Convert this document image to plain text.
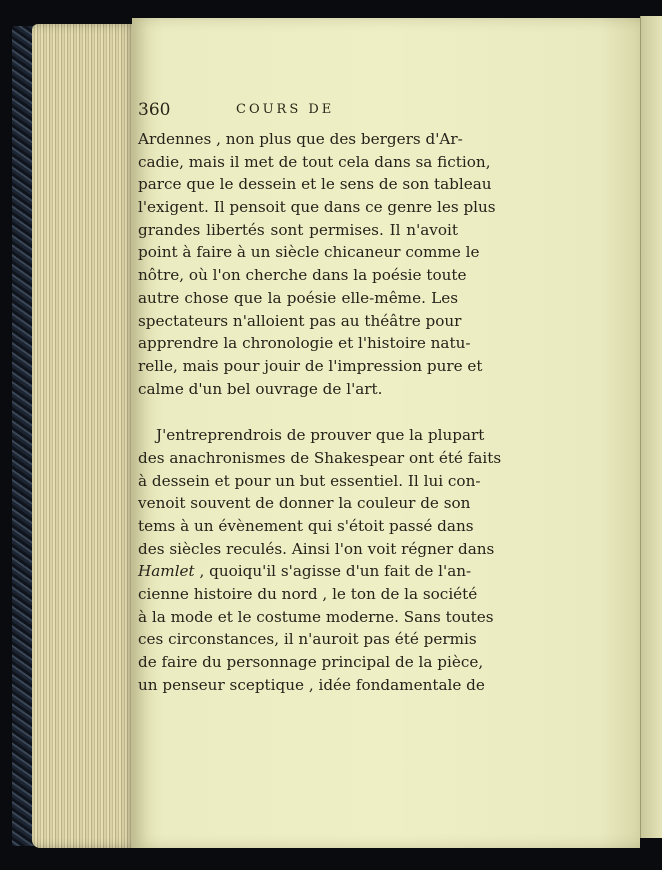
360	COURS DE
Ardennes , non plus que des bergers d'Ar-
cadie, mais il met de tout cela dans sa fiction,
parce que le dessein et le sens de son tableau
l'exigent. Il pensoit que dans ce genre les plus
grandes libertés sont permises. Il n'avoit
point à faire à un siècle chicaneur comme le
nôtre, où l'on cherche dans la poésie toute
autre chose que la poésie elle-même. Les
spectateurs n'alloient pas au théâtre pour
apprendre la chronologie et l'histoire natu-
relle, mais pour jouir de l'impression pure et
calme d'un bel ouvrage de l'art.
J'entreprendrois de prouver que la plupart
des anachronismes de Shakespear ont été faits
à dessein et pour un but essentiel. Il lui con-
venoit souvent de donner la couleur de son
tems à un évènement qui s'étoit passé dans
des siècles reculés. Ainsi l'on voit régner dans
Hamlet , quoiqu'il s'agisse d'un fait de l'an-
cienne histoire du nord , le ton de la société
à la mode et le costume moderne. Sans toutes
ces circonstances, il n'auroit pas été permis
de faire du personnage principal de la pièce,
un penseur sceptique , idée fondamentale de
